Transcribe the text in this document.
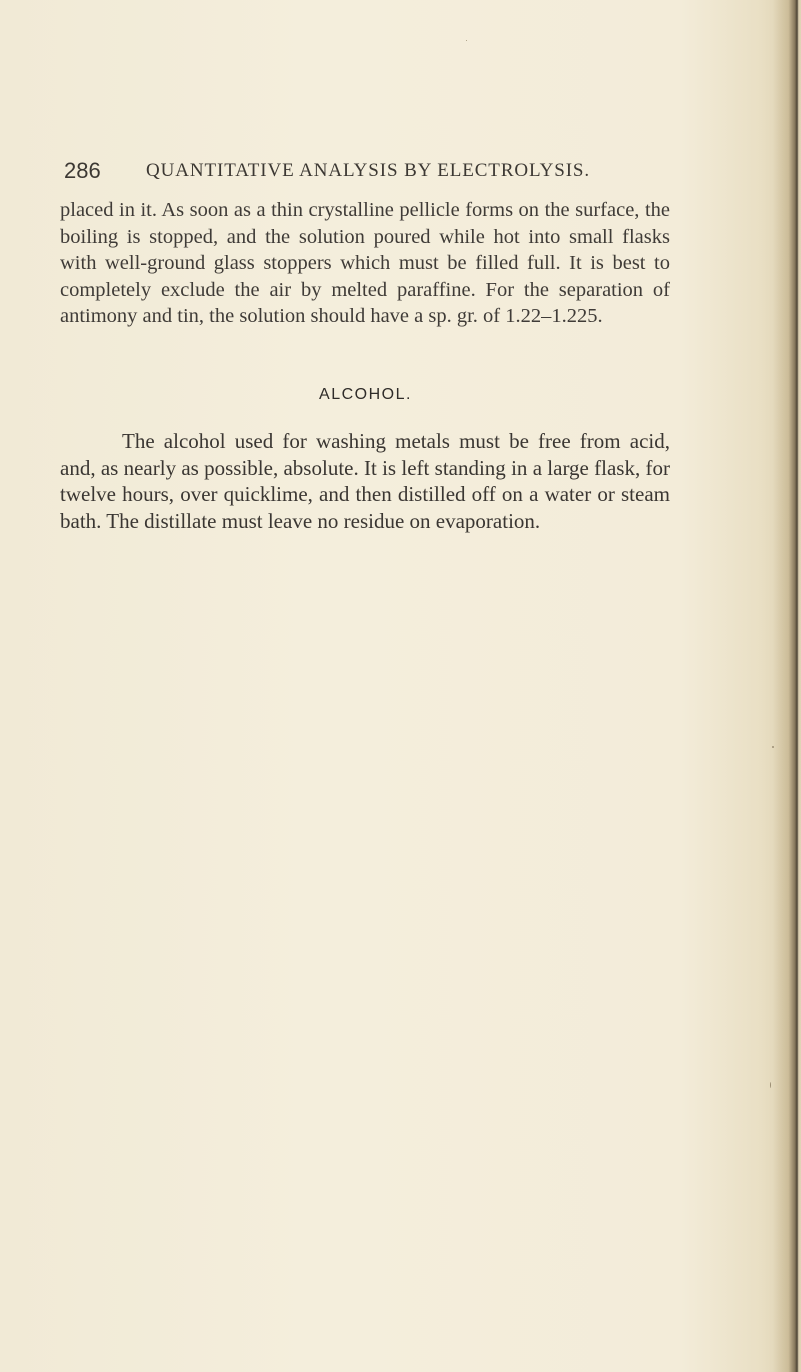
286 QUANTITATIVE ANALYSIS BY ELECTROLYSIS.

placed in it. As soon as a thin crystalline pellicle forms on the surface, the boiling is stopped, and the solution poured while hot into small flasks with well-ground glass stoppers which must be filled full. It is best to completely exclude the air by melted paraffine. For the separation of antimony and tin, the solution should have a sp. gr. of 1.22–1.225.

ALCOHOL.

The alcohol used for washing metals must be free from acid, and, as nearly as possible, absolute. It is left standing in a large flask, for twelve hours, over quicklime, and then distilled off on a water or steam bath. The distillate must leave no residue on evaporation.
